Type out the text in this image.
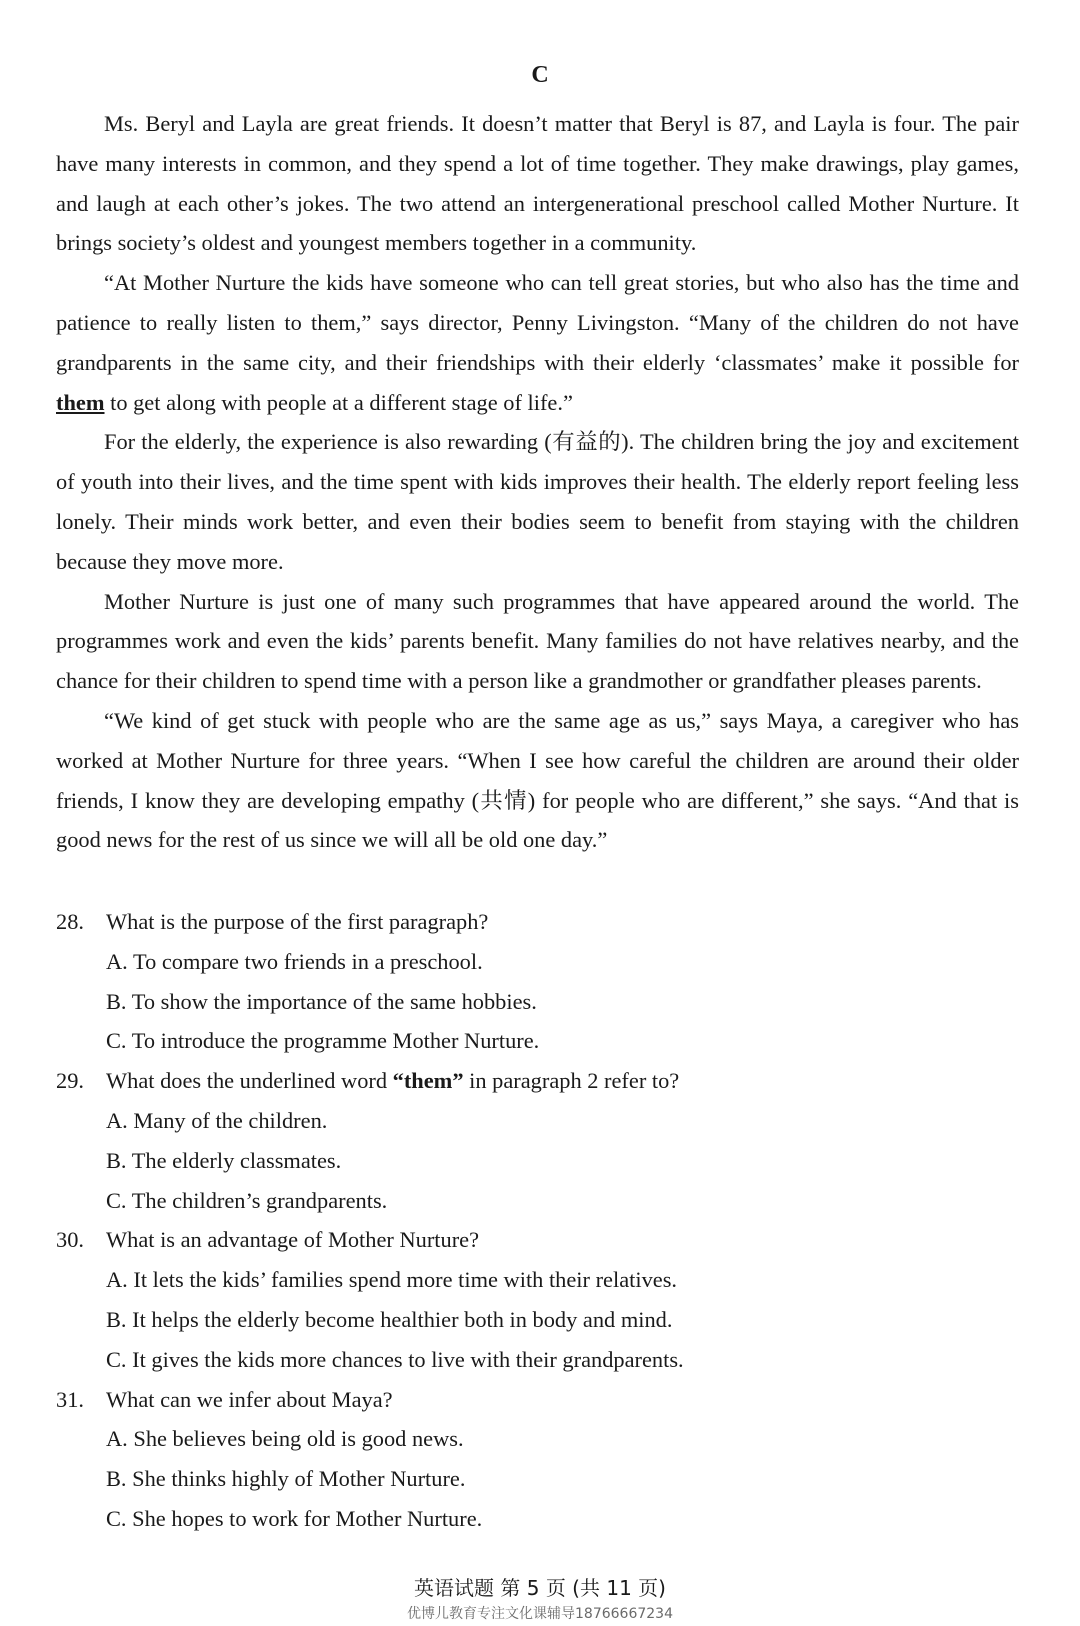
C

Ms. Beryl and Layla are great friends. It doesn’t matter that Beryl is 87, and Layla is four. The pair have many interests in common, and they spend a lot of time together. They make drawings, play games, and laugh at each other’s jokes. The two attend an intergenerational preschool called Mother Nurture. It brings society’s oldest and youngest members together in a community.

“At Mother Nurture the kids have someone who can tell great stories, but who also has the time and patience to really listen to them,” says director, Penny Livingston. “Many of the children do not have grandparents in the same city, and their friendships with their elderly ‘classmates’ make it possible for them to get along with people at a different stage of life.”

For the elderly, the experience is also rewarding (有益的). The children bring the joy and excitement of youth into their lives, and the time spent with kids improves their health. The elderly report feeling less lonely. Their minds work better, and even their bodies seem to benefit from staying with the children because they move more.

Mother Nurture is just one of many such programmes that have appeared around the world. The programmes work and even the kids’ parents benefit. Many families do not have relatives nearby, and the chance for their children to spend time with a person like a grandmother or grandfather pleases parents.

“We kind of get stuck with people who are the same age as us,” says Maya, a caregiver who has worked at Mother Nurture for three years. “When I see how careful the children are around their older friends, I know they are developing empathy (共情) for people who are different,” she says. “And that is good news for the rest of us since we will all be old one day.”

28. What is the purpose of the first paragraph?
A. To compare two friends in a preschool.
B. To show the importance of the same hobbies.
C. To introduce the programme Mother Nurture.
29. What does the underlined word “them” in paragraph 2 refer to?
A. Many of the children.
B. The elderly classmates.
C. The children’s grandparents.
30. What is an advantage of Mother Nurture?
A. It lets the kids’ families spend more time with their relatives.
B. It helps the elderly become healthier both in body and mind.
C. It gives the kids more chances to live with their grandparents.
31. What can we infer about Maya?
A. She believes being old is good news.
B. She thinks highly of Mother Nurture.
C. She hopes to work for Mother Nurture.
英语试题 第 5 页 (共 11 页)
优博儿教育专注文化课辅导18766667234
